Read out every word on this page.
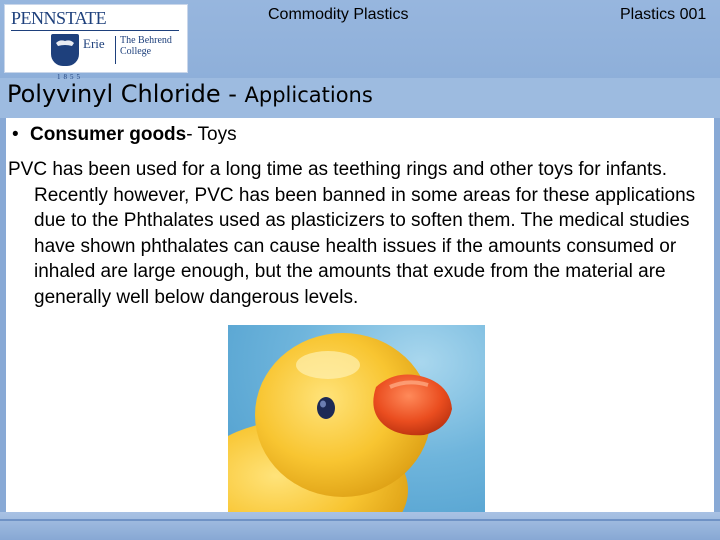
PENNSTATE
1855
Erie The Behrend
College
Commodity Plastics	Plastics 001
Polyvinyl Chloride - Applications
• Consumer goods- Toys
PVC has been used for a long time as teething rings and other toys for infants. Recently however, PVC has been banned in some areas for these applications due to the Phthalates used as plasticizers to soften them. The medical studies have shown phthalates can cause health issues if the amounts consumed or inhaled are large enough, but the amounts that exude from the material are generally well below dangerous levels.
